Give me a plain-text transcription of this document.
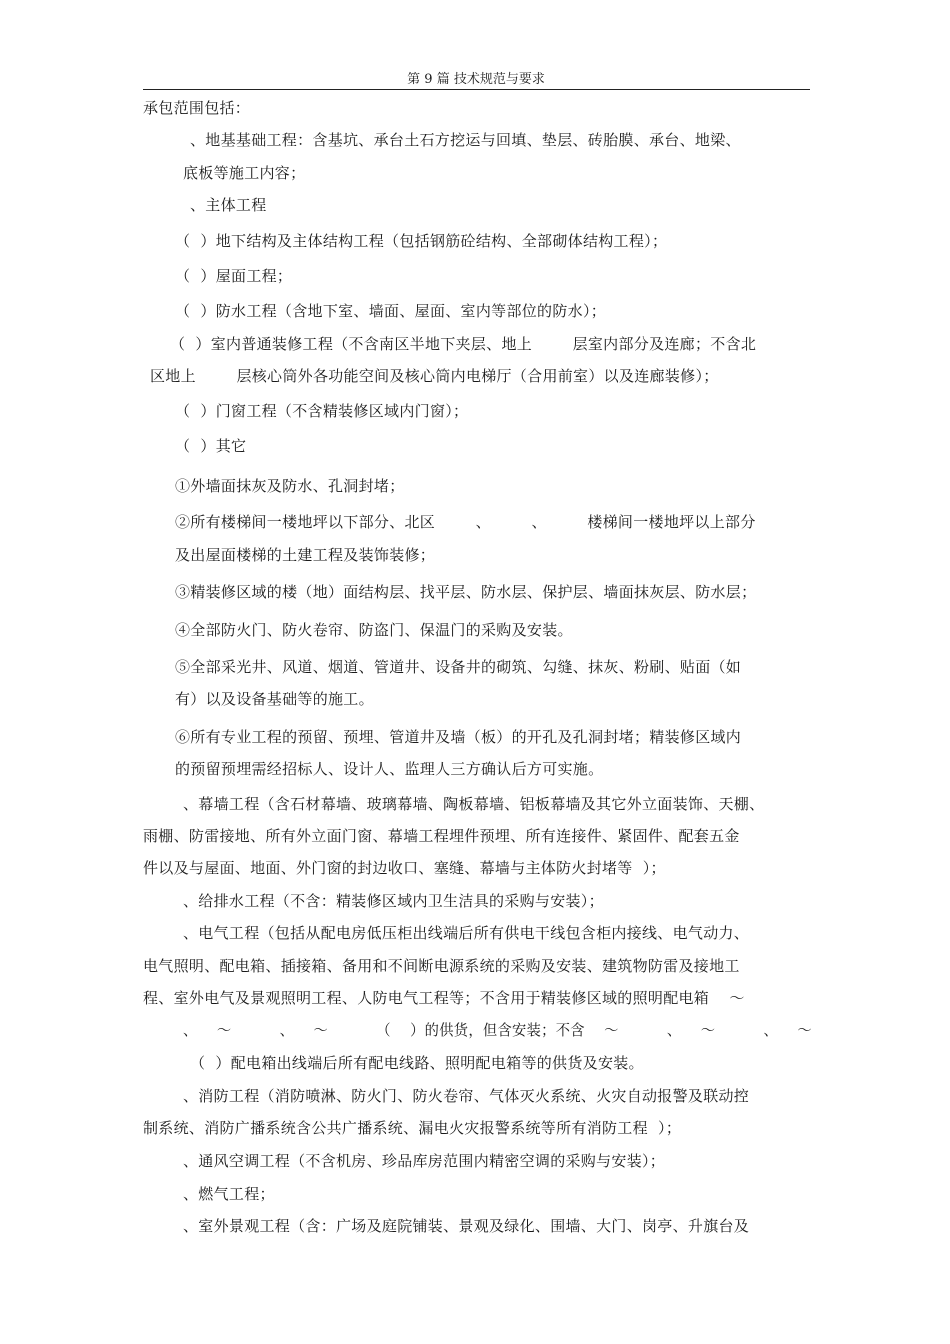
第 9 篇 技术规范与要求
承包范围包括：
、地基基础工程：含基坑、承台土石方挖运与回填、垫层、砖胎膜、承台、地梁、
底板等施工内容；
、主体工程
（  ）地下结构及主体结构工程（包括钢筋砼结构、全部砌体结构工程）；
（  ）屋面工程；
（  ）防水工程（含地下室、墙面、屋面、室内等部位的防水）；
（  ）室内普通装修工程（不含南区半地下夹层、地上        层室内部分及连廊；不含北
区地上        层核心筒外各功能空间及核心筒内电梯厅（合用前室）以及连廊装修）；
（  ）门窗工程（不含精装修区域内门窗）；
（  ）其它
①外墙面抹灰及防水、孔洞封堵；
②所有楼梯间一楼地坪以下部分、北区        、        、        楼梯间一楼地坪以上部分
及出屋面楼梯的土建工程及装饰装修；
③精装修区域的楼（地）面结构层、找平层、防水层、保护层、墙面抹灰层、防水层；
④全部防火门、防火卷帘、防盗门、保温门的采购及安装。
⑤全部采光井、风道、烟道、管道井、设备井的砌筑、勾缝、抹灰、粉刷、贴面（如
有）以及设备基础等的施工。
⑥所有专业工程的预留、预埋、管道井及墙（板）的开孔及孔洞封堵；精装修区域内
的预留预埋需经招标人、设计人、监理人三方确认后方可实施。
、幕墙工程（含石材幕墙、玻璃幕墙、陶板幕墙、铝板幕墙及其它外立面装饰、天棚、
雨棚、防雷接地、所有外立面门窗、幕墙工程埋件预埋、所有连接件、紧固件、配套五金
件以及与屋面、地面、外门窗的封边收口、塞缝、幕墙与主体防火封堵等  ）；
、给排水工程（不含：精装修区域内卫生洁具的采购与安装）；
、电气工程（包括从配电房低压柜出线端后所有供电干线包含柜内接线、电气动力、
电气照明、配电箱、插接箱、备用和不间断电源系统的采购及安装、建筑物防雷及接地工
程、室外电气及景观照明工程、人防电气工程等；不含用于精装修区域的照明配电箱    ～
、    ～          、    ～          （    ）的供货，但含安装；不含    ～          、    ～          、    ～
（  ）配电箱出线端后所有配电线路、照明配电箱等的供货及安装。
、消防工程（消防喷淋、防火门、防火卷帘、气体灭火系统、火灾自动报警及联动控
制系统、消防广播系统含公共广播系统、漏电火灾报警系统等所有消防工程  ）；
、通风空调工程（不含机房、珍品库房范围内精密空调的采购与安装）；
、燃气工程；
、室外景观工程（含：广场及庭院铺装、景观及绿化、围墙、大门、岗亭、升旗台及
